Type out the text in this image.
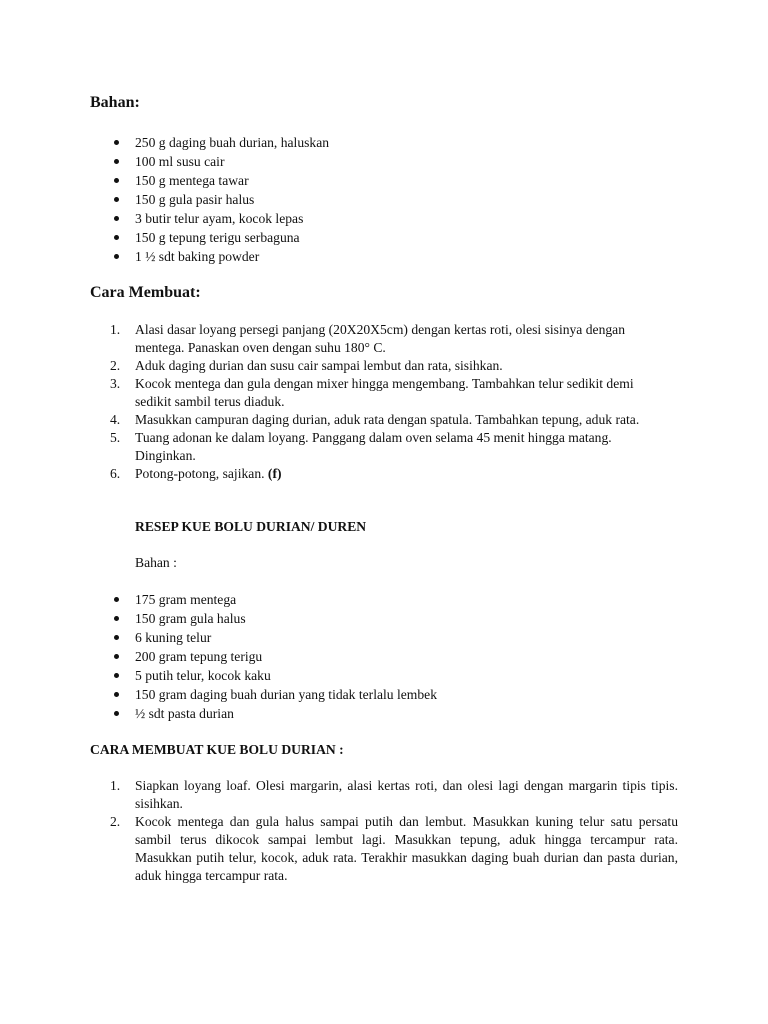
Bahan:
250 g daging buah durian, haluskan
100 ml susu cair
150 g mentega tawar
150 g gula pasir halus
3 butir telur ayam, kocok lepas
150 g tepung terigu serbaguna
1 ½ sdt baking powder
Cara Membuat:
1. Alasi dasar loyang persegi panjang (20X20X5cm) dengan kertas roti, olesi sisinya dengan mentega. Panaskan oven dengan suhu 180° C.
2. Aduk daging durian dan susu cair sampai lembut dan rata, sisihkan.
3. Kocok mentega dan gula dengan mixer hingga mengembang. Tambahkan telur sedikit demi sedikit sambil terus diaduk.
4. Masukkan campuran daging durian, aduk rata dengan spatula. Tambahkan tepung, aduk rata.
5. Tuang adonan ke dalam loyang. Panggang dalam oven selama 45 menit hingga matang. Dinginkan.
6. Potong-potong, sajikan. (f)
RESEP KUE BOLU DURIAN/ DUREN
Bahan :
175 gram mentega
150 gram gula halus
6 kuning telur
200 gram tepung terigu
5 putih telur, kocok kaku
150 gram daging buah durian yang tidak terlalu lembek
½ sdt pasta durian
CARA MEMBUAT KUE BOLU DURIAN :
1. Siapkan loyang loaf. Olesi margarin, alasi kertas roti, dan olesi lagi dengan margarin tipis tipis. sisihkan.
2. Kocok mentega dan gula halus sampai putih dan lembut. Masukkan kuning telur satu persatu sambil terus dikocok sampai lembut lagi. Masukkan tepung, aduk hingga tercampur rata. Masukkan putih telur, kocok, aduk rata. Terakhir masukkan daging buah durian dan pasta durian, aduk hingga tercampur rata.
